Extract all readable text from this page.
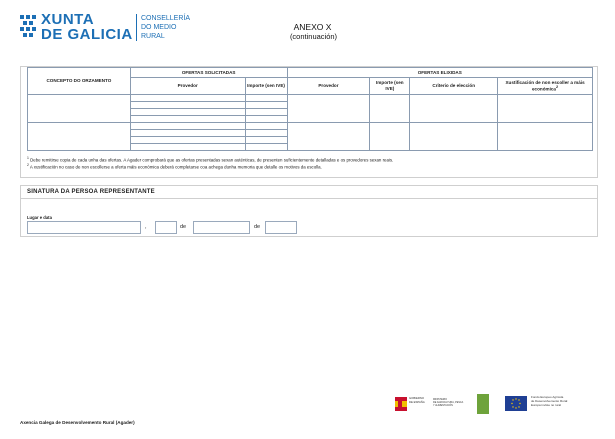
XUNTA
DE GALICIA
CONSELLERÍA
DO MEDIO
RURAL
ANEXO X
(continuación)
CONCEPTO DO ORZAMENTO	OFERTAS SOLICITADAS		OFERTAS ELIXIDAS			
	Provedor	Importe (sen IVE)	Provedor	Importe (sen IVE)	Criterio de elección	Xustificación de non escoller a máis económica$^2$

$^1$ Debe remitirse copia de cada unha das ofertas. A Agader comprobará que as ofertas presentadas sexan auténticas, de presenten suficientemente detalladas e os provedores sexan reais.
$^2$ A xustificación no caso de non escollerse a oferta máis económica deberá completarse coa achega dunha memoria que detalle os motivos da escolla.
SINATURA DA PERSOA REPRESENTANTE
Lugar e data
,	de	de
GOBIERNO
DE ESPAÑA
MINISTERIO
DE AGRICULTURA, PESCA
Y ALIMENTACIÓN
Fondo Europeo Agrícola
de Desenvolvemento Rural:
Europa inviste no rural
Axencia Galega de Desenvolvemento Rural (Agader)
